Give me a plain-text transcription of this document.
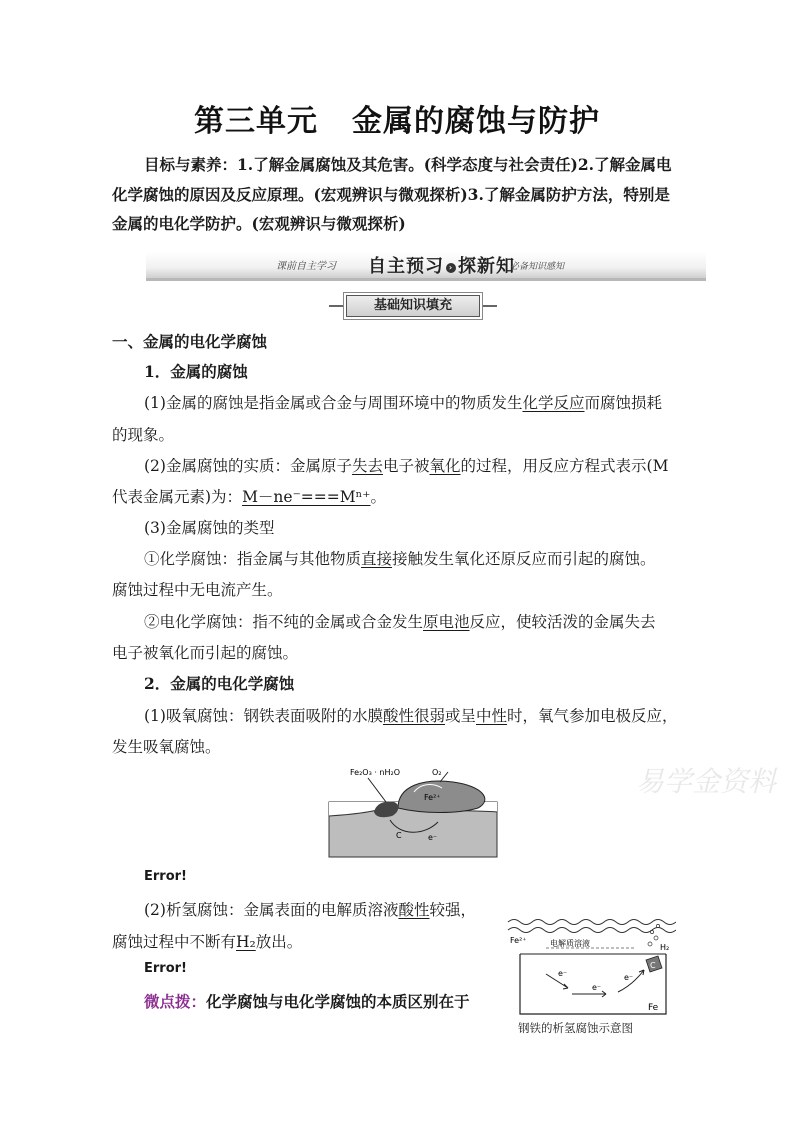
第三单元 金属的腐蚀与防护

目标与素养：1.了解金属腐蚀及其危害。(科学态度与社会责任)2.了解金属电

化学腐蚀的原因及反应原理。(宏观辨识与微观探析)3.了解金属防护方法，特别是

金属的电化学防护。(宏观辨识与微观探析)

课前自主学习 自主预习 › 探新知
必备知识感知
基础知识填充
一、金属的电化学腐蚀
1．金属的腐蚀
(1)金属的腐蚀是指金属或合金与周围环境中的物质发生化学反应而腐蚀损耗
的现象。
(2)金属腐蚀的实质：金属原子失去电子被氧化的过程，用反应方程式表示(M
代表金属元素)为：M－ne⁻===Mⁿ⁺。
(3)金属腐蚀的类型
①化学腐蚀：指金属与其他物质直接接触发生氧化还原反应而引起的腐蚀。
腐蚀过程中无电流产生。
②电化学腐蚀：指不纯的金属或合金发生原电池反应，使较活泼的金属失去
电子被氧化而引起的腐蚀。
2．金属的电化学腐蚀
(1)吸氧腐蚀：钢铁表面吸附的水膜酸性很弱或呈中性时，氧气参加电极反应，
发生吸氧腐蚀。
易学金资料
Fe₂O₃ · nH₂O	O₂
Fe²⁺
C	e⁻
Error!
(2)析氢腐蚀：金属表面的电解质溶液酸性较强，
腐蚀过程中不断有H₂放出。
Error!
微点拨：化学腐蚀与电化学腐蚀的本质区别在于
Fe²⁺	电解质溶液	H₂
C
e⁻
e⁻
e⁻
Fe
钢铁的析氢腐蚀示意图
